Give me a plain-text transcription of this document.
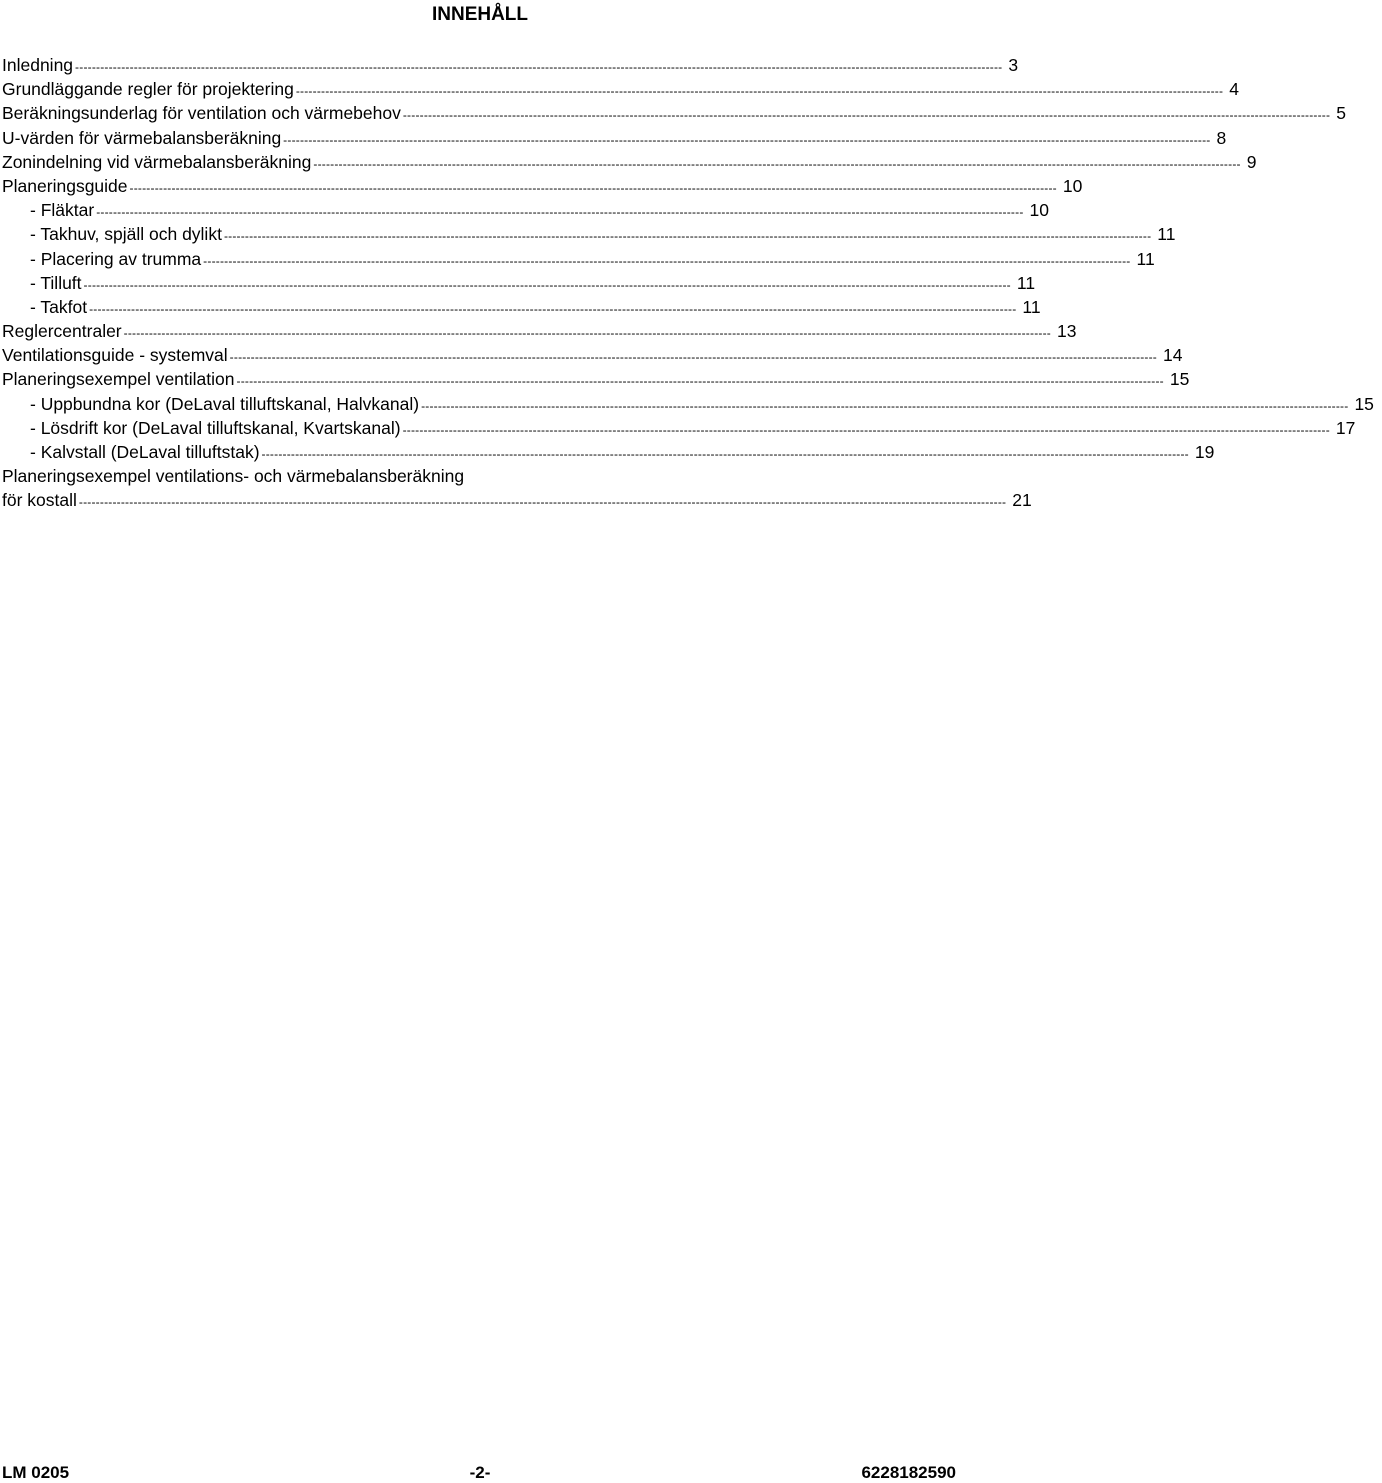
INNEHÅLL
Inledning ----------------------------------------------------------------------------------------------------------------------------------------------------------------------------------------------------------------------------- 3
Grundläggande regler för projektering ----------------------------------------------------------------------------------------------------------------------------------------------------------------------------------------------------------------------------- 4
Beräkningsunderlag för ventilation och värmebehov ----------------------------------------------------------------------------------------------------------------------------------------------------------------------------------------------------------------------------- 5
U-värden för värmebalansberäkning ----------------------------------------------------------------------------------------------------------------------------------------------------------------------------------------------------------------------------- 8
Zonindelning vid värmebalansberäkning ----------------------------------------------------------------------------------------------------------------------------------------------------------------------------------------------------------------------------- 9
Planeringsguide ----------------------------------------------------------------------------------------------------------------------------------------------------------------------------------------------------------------------------- 10
- Fläktar ----------------------------------------------------------------------------------------------------------------------------------------------------------------------------------------------------------------------------- 10
- Takhuv, spjäll och dylikt ----------------------------------------------------------------------------------------------------------------------------------------------------------------------------------------------------------------------------- 11
- Placering av trumma ----------------------------------------------------------------------------------------------------------------------------------------------------------------------------------------------------------------------------- 11
- Tilluft ----------------------------------------------------------------------------------------------------------------------------------------------------------------------------------------------------------------------------- 11
- Takfot ----------------------------------------------------------------------------------------------------------------------------------------------------------------------------------------------------------------------------- 11
Reglercentraler ----------------------------------------------------------------------------------------------------------------------------------------------------------------------------------------------------------------------------- 13
Ventilationsguide - systemval ----------------------------------------------------------------------------------------------------------------------------------------------------------------------------------------------------------------------------- 14
Planeringsexempel ventilation ----------------------------------------------------------------------------------------------------------------------------------------------------------------------------------------------------------------------------- 15
- Uppbundna kor (DeLaval tilluftskanal, Halvkanal) ----------------------------------------------------------------------------------------------------------------------------------------------------------------------------------------------------------------------------- 15
- Lösdrift kor (DeLaval tilluftskanal, Kvartskanal) ----------------------------------------------------------------------------------------------------------------------------------------------------------------------------------------------------------------------------- 17
- Kalvstall (DeLaval tilluftstak) ----------------------------------------------------------------------------------------------------------------------------------------------------------------------------------------------------------------------------- 19
Planeringsexempel ventilations- och värmebalansberäkning
för kostall ----------------------------------------------------------------------------------------------------------------------------------------------------------------------------------------------------------------------------- 21
LM 0205	-2-	6228182590
